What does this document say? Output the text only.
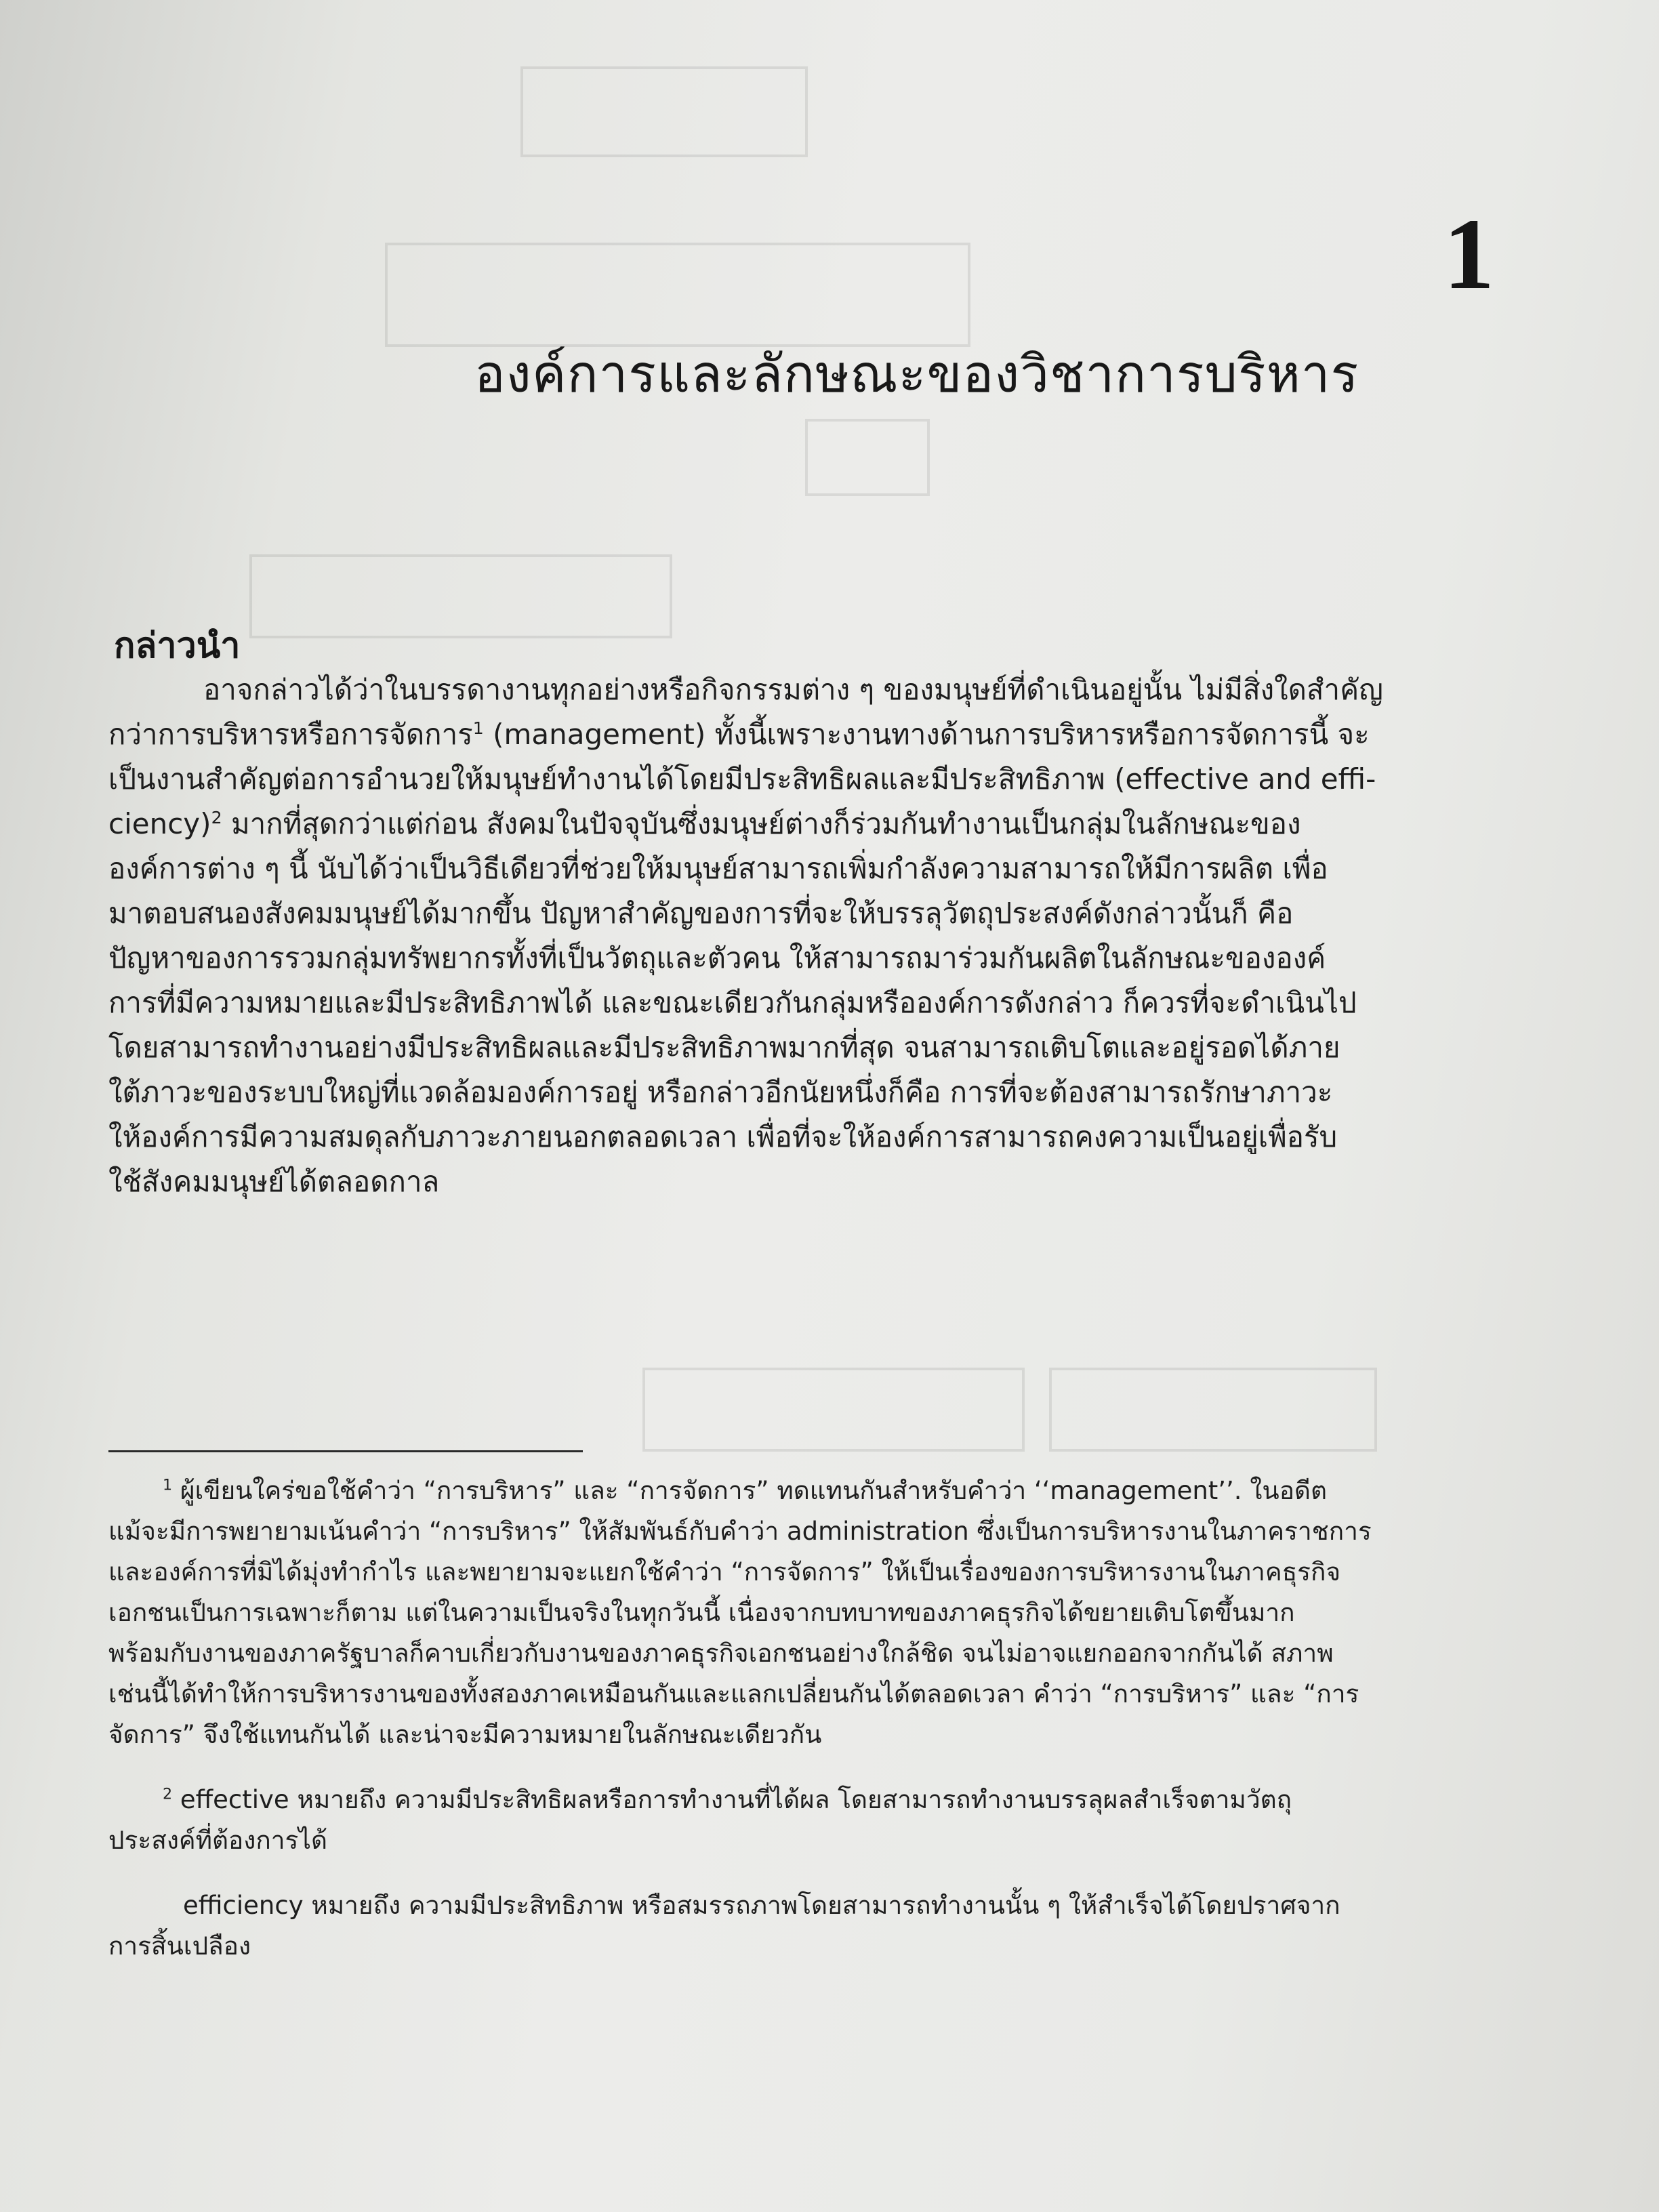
1
องค์การและลักษณะของวิชาการบริหาร
กล่าวนำ
อาจกล่าวได้ว่าในบรรดางานทุกอย่างหรือกิจกรรมต่าง ๆ ของมนุษย์ที่ดำเนินอยู่นั้น ไม่มีสิ่งใดสำคัญ
กว่าการบริหารหรือการจัดการ$^1$ (management) ทั้งนี้เพราะงานทางด้านการบริหารหรือการจัดการนี้ จะ
เป็นงานสำคัญต่อการอำนวยให้มนุษย์ทำงานได้โดยมีประสิทธิผลและมีประสิทธิภาพ (effective and effi-
ciency)$^2$ มากที่สุดกว่าแต่ก่อน สังคมในปัจจุบันซึ่งมนุษย์ต่างก็ร่วมกันทำงานเป็นกลุ่มในลักษณะของ
องค์การต่าง ๆ นี้ นับได้ว่าเป็นวิธีเดียวที่ช่วยให้มนุษย์สามารถเพิ่มกำลังความสามารถให้มีการผลิต เพื่อ
มาตอบสนองสังคมมนุษย์ได้มากขึ้น ปัญหาสำคัญของการที่จะให้บรรลุวัตถุประสงค์ดังกล่าวนั้นก็ คือ
ปัญหาของการรวมกลุ่มทรัพยากรทั้งที่เป็นวัตถุและตัวคน ให้สามารถมาร่วมกันผลิตในลักษณะขององค์
การที่มีความหมายและมีประสิทธิภาพได้ และขณะเดียวกันกลุ่มหรือองค์การดังกล่าว ก็ควรที่จะดำเนินไป
โดยสามารถทำงานอย่างมีประสิทธิผลและมีประสิทธิภาพมากที่สุด จนสามารถเติบโตและอยู่รอดได้ภาย
ใต้ภาวะของระบบใหญ่ที่แวดล้อมองค์การอยู่ หรือกล่าวอีกนัยหนึ่งก็คือ การที่จะต้องสามารถรักษาภาวะ
ให้องค์การมีความสมดุลกับภาวะภายนอกตลอดเวลา เพื่อที่จะให้องค์การสามารถคงความเป็นอยู่เพื่อรับ
ใช้สังคมมนุษย์ได้ตลอดกาล
$^1$ ผู้เขียนใคร่ขอใช้คำว่า “การบริหาร” และ “การจัดการ” ทดแทนกันสำหรับคำว่า ‘‘management’’. ในอดีต
แม้จะมีการพยายามเน้นคำว่า “การบริหาร” ให้สัมพันธ์กับคำว่า administration ซึ่งเป็นการบริหารงานในภาคราชการ
และองค์การที่มิได้มุ่งทำกำไร และพยายามจะแยกใช้คำว่า “การจัดการ” ให้เป็นเรื่องของการบริหารงานในภาคธุรกิจ
เอกชนเป็นการเฉพาะก็ตาม แต่ในความเป็นจริงในทุกวันนี้ เนื่องจากบทบาทของภาคธุรกิจได้ขยายเติบโตขึ้นมาก
พร้อมกับงานของภาครัฐบาลก็คาบเกี่ยวกับงานของภาคธุรกิจเอกชนอย่างใกล้ชิด จนไม่อาจแยกออกจากกันได้ สภาพ
เช่นนี้ได้ทำให้การบริหารงานของทั้งสองภาคเหมือนกันและแลกเปลี่ยนกันได้ตลอดเวลา คำว่า “การบริหาร” และ “การ
จัดการ” จึงใช้แทนกันได้ และน่าจะมีความหมายในลักษณะเดียวกัน
$^2$ effective หมายถึง ความมีประสิทธิผลหรือการทำงานที่ได้ผล โดยสามารถทำงานบรรลุผลสำเร็จตามวัตถุ
ประสงค์ที่ต้องการได้
efficiency หมายถึง ความมีประสิทธิภาพ หรือสมรรถภาพโดยสามารถทำงานนั้น ๆ ให้สำเร็จได้โดยปราศจาก
การสิ้นเปลือง
